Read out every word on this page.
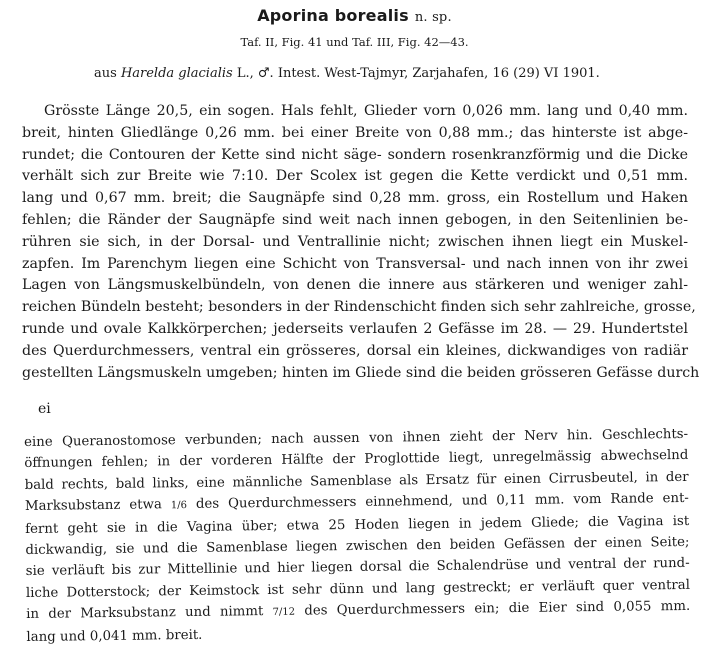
Aporina borealis n. sp.
Taf. II, Fig. 41 und Taf. III, Fig. 42—43.
aus Harelda glacialis L., ♂. Intest. West-Tajmyr, Zarjahafen, 16 (29) VI 1901.
Grösste Länge 20,5, ein sogen. Hals fehlt, Glieder vorn 0,026 mm. lang und 0,40 mm.
breit, hinten Gliedlänge 0,26 mm. bei einer Breite von 0,88 mm.; das hinterste ist abge-
rundet; die Contouren der Kette sind nicht säge- sondern rosenkranzförmig und die Dicke
verhält sich zur Breite wie 7:10. Der Scolex ist gegen die Kette verdickt und 0,51 mm.
lang und 0,67 mm. breit; die Saugnäpfe sind 0,28 mm. gross, ein Rostellum und Haken
fehlen; die Ränder der Saugnäpfe sind weit nach innen gebogen, in den Seitenlinien be-
rühren sie sich, in der Dorsal- und Ventrallinie nicht; zwischen ihnen liegt ein Muskel-
zapfen. Im Parenchym liegen eine Schicht von Transversal- und nach innen von ihr zwei
Lagen von Längsmuskelbündeln, von denen die innere aus stärkeren und weniger zahl-
reichen Bündeln besteht; besonders in der Rindenschicht finden sich sehr zahlreiche, grosse,
runde und ovale Kalkkörperchen; jederseits verlaufen 2 Gefässe im 28. — 29. Hundertstel
des Querdurchmessers, ventral ein grösseres, dorsal ein kleines, dickwandiges von radiär
gestellten Längsmuskeln umgeben; hinten im Gliede sind die beiden grösseren Gefässe durch
ei
eine Queranostomose verbunden; nach aussen von ihnen zieht der Nerv hin. Geschlechts-
öffnungen fehlen; in der vorderen Hälfte der Proglottide liegt, unregelmässig abwechselnd
bald rechts, bald links, eine männliche Samenblase als Ersatz für einen Cirrusbeutel, in der
Marksubstanz etwa 1/6 des Querdurchmessers einnehmend, und 0,11 mm. vom Rande ent-
fernt geht sie in die Vagina über; etwa 25 Hoden liegen in jedem Gliede; die Vagina ist
dickwandig, sie und die Samenblase liegen zwischen den beiden Gefässen der einen Seite;
sie verläuft bis zur Mittellinie und hier liegen dorsal die Schalendrüse und ventral der rund-
liche Dotterstock; der Keimstock ist sehr dünn und lang gestreckt; er verläuft quer ventral
in der Marksubstanz und nimmt 7/12 des Querdurchmessers ein; die Eier sind 0,055 mm.
lang und 0,041 mm. breit.
